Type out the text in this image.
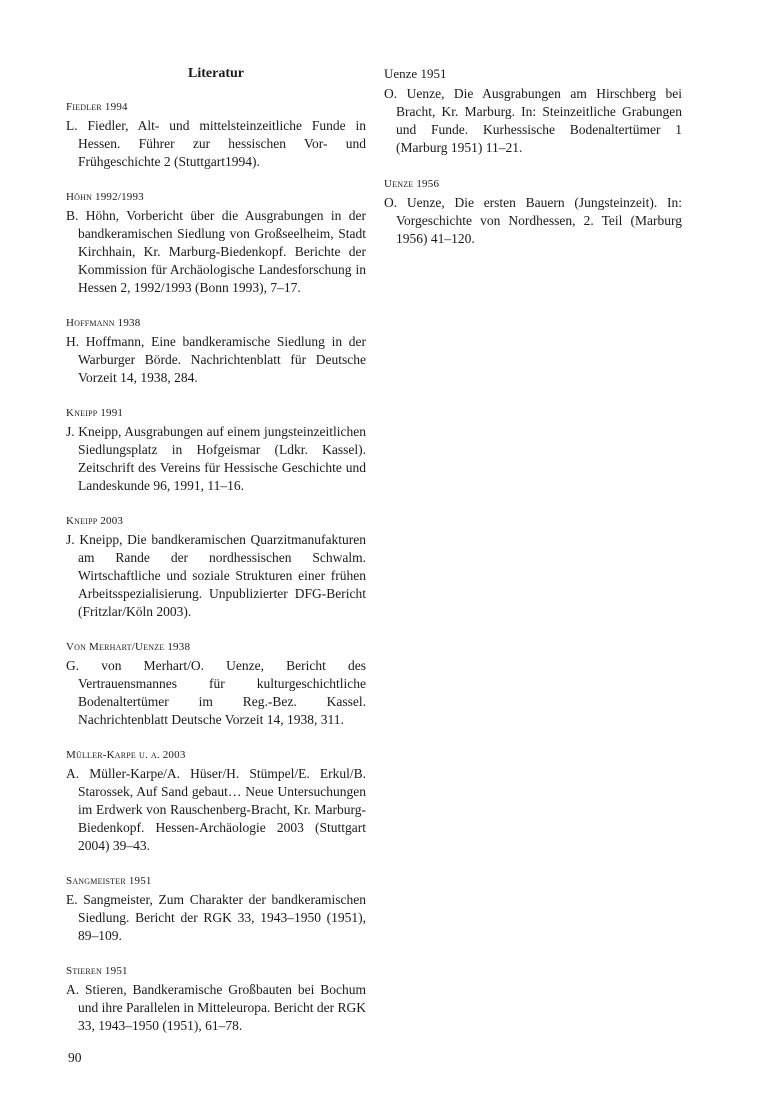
Literatur
Fiedler 1994

L. Fiedler, Alt- und mittelsteinzeitliche Funde in Hessen. Führer zur hessischen Vor- und Frühgeschichte 2 (Stuttgart1994).

Höhn 1992/1993

B. Höhn, Vorbericht über die Ausgrabungen in der bandkeramischen Siedlung von Großseelheim, Stadt Kirchhain, Kr. Marburg-Biedenkopf. Berichte der Kommission für Archäologische Landesforschung in Hessen 2, 1992/1993 (Bonn 1993), 7–17.

Hoffmann 1938

H. Hoffmann, Eine bandkeramische Siedlung in der Warburger Börde. Nachrichtenblatt für Deutsche Vorzeit 14, 1938, 284.

Kneipp 1991

J. Kneipp, Ausgrabungen auf einem jungsteinzeitlichen Siedlungsplatz in Hofgeismar (Ldkr. Kassel). Zeitschrift des Vereins für Hessische Geschichte und Landeskunde 96, 1991, 11–16.

Kneipp 2003

J. Kneipp, Die bandkeramischen Quarzitmanufakturen am Rande der nordhessischen Schwalm. Wirtschaftliche und soziale Strukturen einer frühen Arbeitsspezialisierung. Unpublizierter DFG-Bericht (Fritzlar/Köln 2003).

Von Merhart/Uenze 1938

G. von Merhart/O. Uenze, Bericht des Vertrauensmannes für kulturgeschichtliche Bodenaltertümer im Reg.-Bez. Kassel. Nachrichtenblatt Deutsche Vorzeit 14, 1938, 311.

Müller-Karpe u. a. 2003

A. Müller-Karpe/A. Hüser/H. Stümpel/E. Erkul/B. Starossek, Auf Sand gebaut… Neue Untersuchungen im Erdwerk von Rauschenberg-Bracht, Kr. Marburg-Biedenkopf. Hessen-Archäologie 2003 (Stuttgart 2004) 39–43.

Sangmeister 1951

E. Sangmeister, Zum Charakter der bandkeramischen Siedlung. Bericht der RGK 33, 1943–1950 (1951), 89–109.

Stieren 1951

A. Stieren, Bandkeramische Großbauten bei Bochum und ihre Parallelen in Mitteleuropa. Bericht der RGK 33, 1943–1950 (1951), 61–78.

Uenze 1951

O. Uenze, Die Ausgrabungen am Hirschberg bei Bracht, Kr. Marburg. In: Steinzeitliche Grabungen und Funde. Kurhessische Bodenaltertümer 1 (Marburg 1951) 11–21.

Uenze 1956

O. Uenze, Die ersten Bauern (Jungsteinzeit). In: Vorgeschichte von Nordhessen, 2. Teil (Marburg 1956) 41–120.

90
